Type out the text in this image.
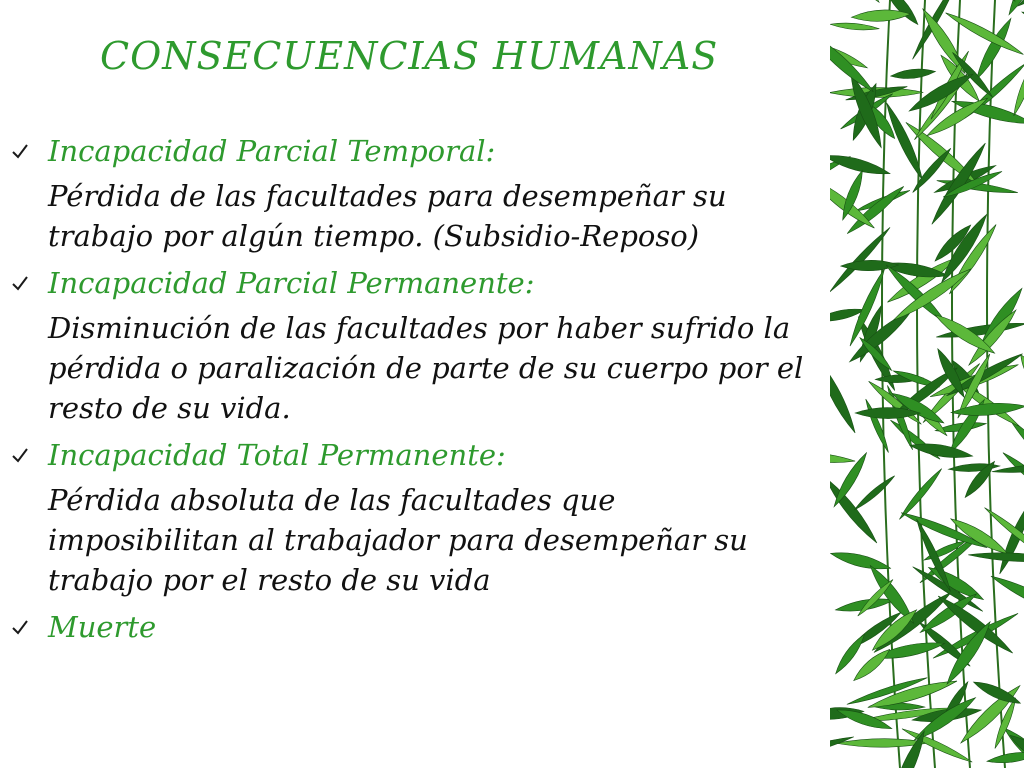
CONSECUENCIAS HUMANAS
Incapacidad Parcial Temporal:
Pérdida de las facultades para desempeñar su
trabajo por algún tiempo. (Subsidio-Reposo)
Incapacidad Parcial Permanente:
Disminución de las facultades por haber sufrido la
pérdida o paralización de parte de su cuerpo por el
resto de su vida.
Incapacidad Total Permanente:
Pérdida absoluta de las facultades que
imposibilitan al trabajador para desempeñar su
trabajo por el resto de su vida
Muerte
